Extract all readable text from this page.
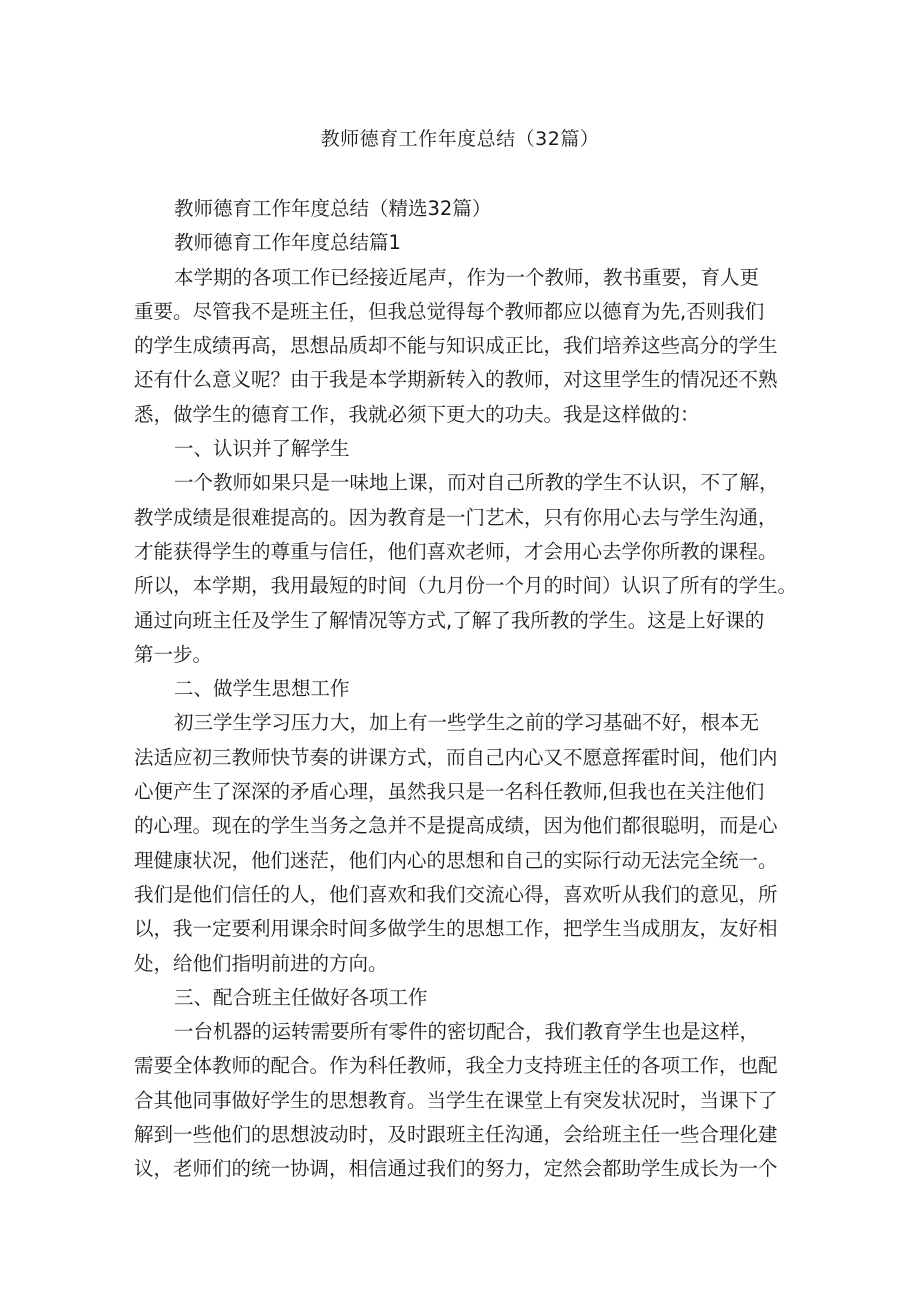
教师德育工作年度总结（32篇）
教师德育工作年度总结（精选32篇）
教师德育工作年度总结篇1
本学期的各项工作已经接近尾声，作为一个教师，教书重要，育人更
重要。尽管我不是班主任，但我总觉得每个教师都应以德育为先,否则我们
的学生成绩再高，思想品质却不能与知识成正比，我们培养这些高分的学生
还有什么意义呢？由于我是本学期新转入的教师，对这里学生的情况还不熟
悉，做学生的德育工作，我就必须下更大的功夫。我是这样做的：
一、认识并了解学生
一个教师如果只是一味地上课，而对自己所教的学生不认识，不了解，
教学成绩是很难提高的。因为教育是一门艺术，只有你用心去与学生沟通，
才能获得学生的尊重与信任，他们喜欢老师，才会用心去学你所教的课程。
所以，本学期，我用最短的时间（九月份一个月的时间）认识了所有的学生。
通过向班主任及学生了解情况等方式,了解了我所教的学生。这是上好课的
第一步。
二、做学生思想工作
初三学生学习压力大，加上有一些学生之前的学习基础不好，根本无
法适应初三教师快节奏的讲课方式，而自己内心又不愿意挥霍时间，他们内
心便产生了深深的矛盾心理，虽然我只是一名科任教师,但我也在关注他们
的心理。现在的学生当务之急并不是提高成绩，因为他们都很聪明，而是心
理健康状况，他们迷茫，他们内心的思想和自己的实际行动无法完全统一。
我们是他们信任的人，他们喜欢和我们交流心得，喜欢听从我们的意见，所
以，我一定要利用课余时间多做学生的思想工作，把学生当成朋友，友好相
处，给他们指明前进的方向。
三、配合班主任做好各项工作
一台机器的运转需要所有零件的密切配合，我们教育学生也是这样，
需要全体教师的配合。作为科任教师，我全力支持班主任的各项工作，也配
合其他同事做好学生的思想教育。当学生在课堂上有突发状况时，当课下了
解到一些他们的思想波动时，及时跟班主任沟通，会给班主任一些合理化建
议，老师们的统一协调，相信通过我们的努力，定然会都助学生成长为一个
